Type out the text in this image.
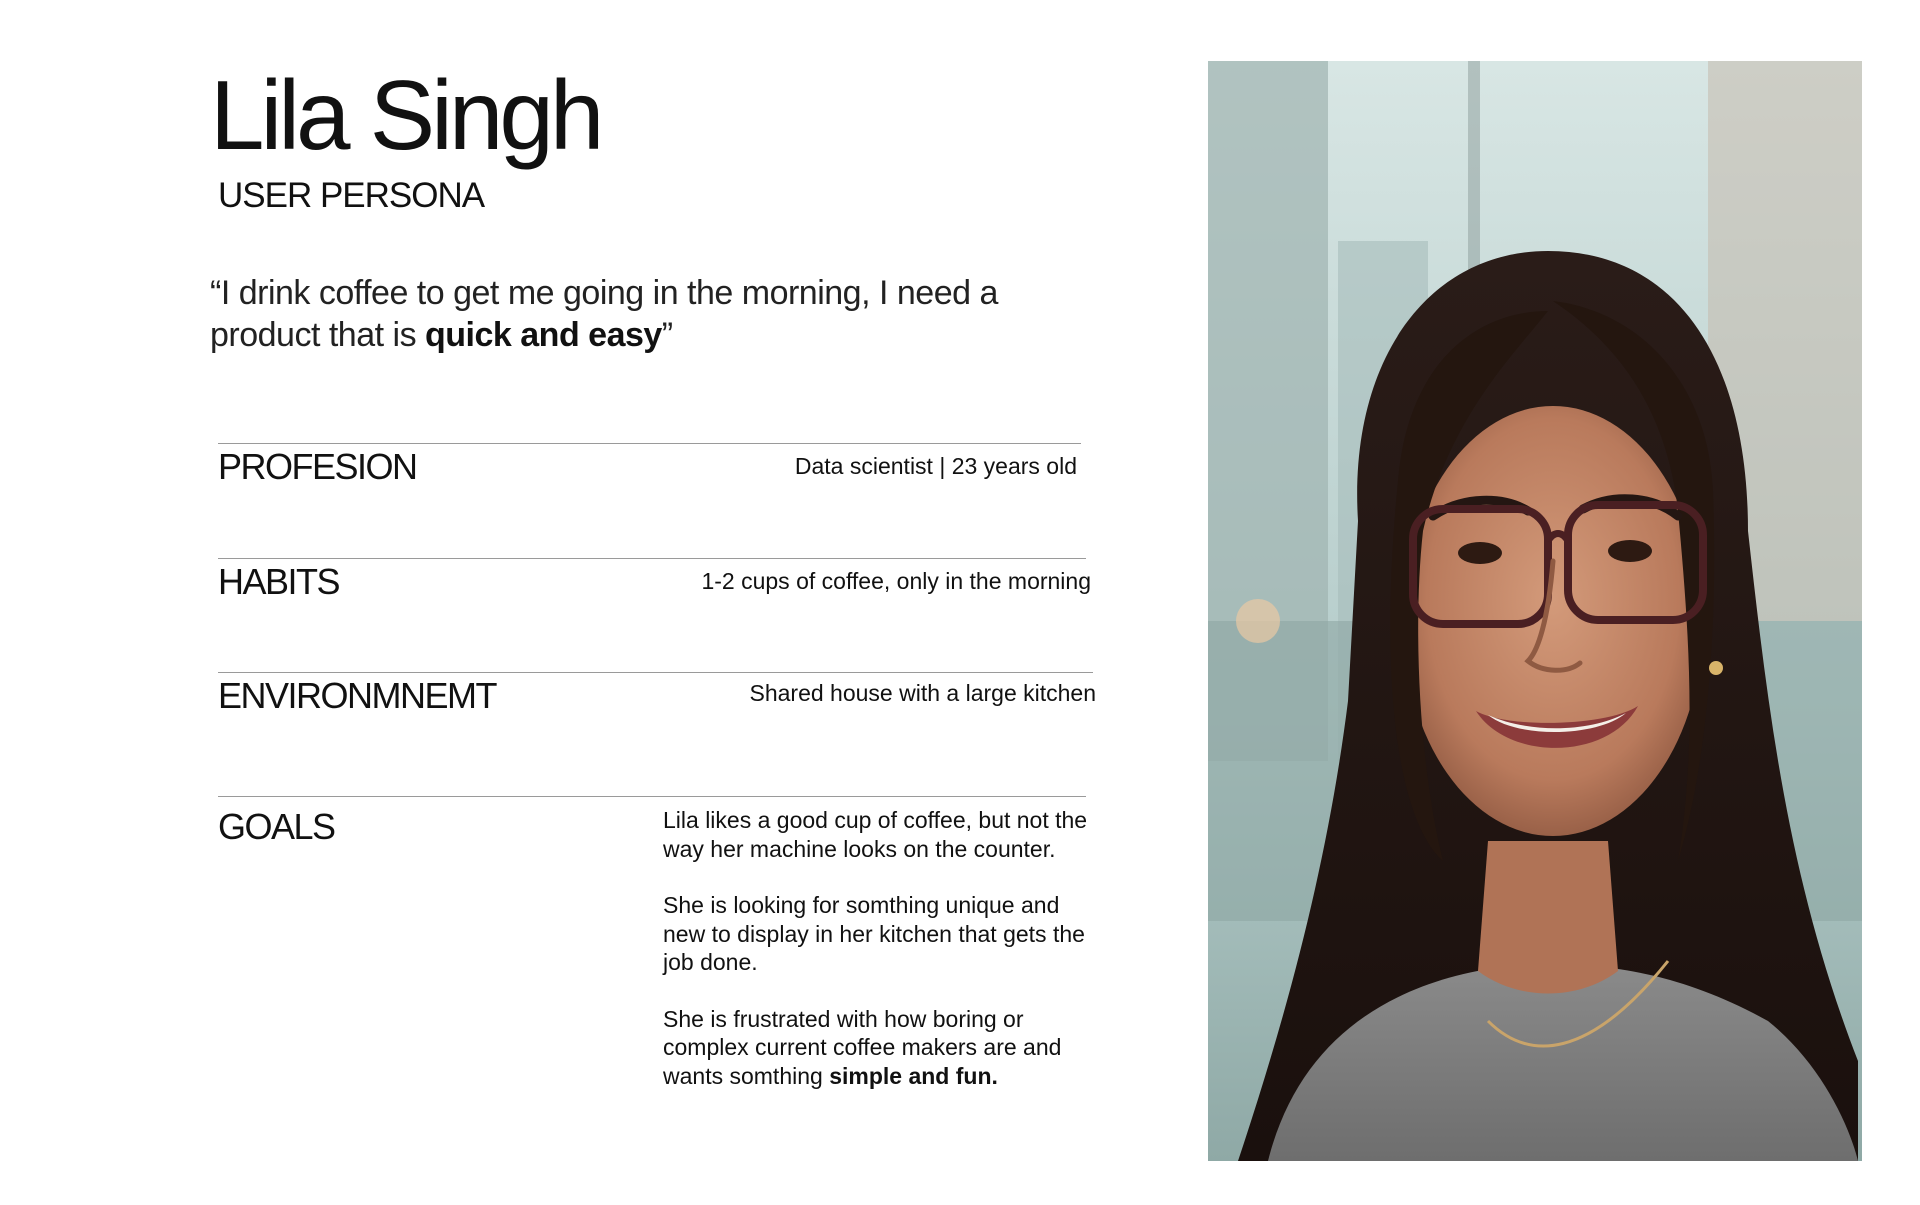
Lila Singh
USER PERSONA

“I drink coffee to get me going in the morning, I need a product that is quick and easy”

PROFESION	Data scientist | 23 years old
HABITS	1-2 cups of coffee, only in the morning
ENVIRONMNEMT	Shared house with a large kitchen
GOALS	Lila likes a good cup of coffee, but not the way her machine looks on the counter.

She is looking for somthing unique and new to display in her kitchen that gets the job done.

She is frustrated with how boring or complex current coffee makers are and wants somthing simple and fun.
